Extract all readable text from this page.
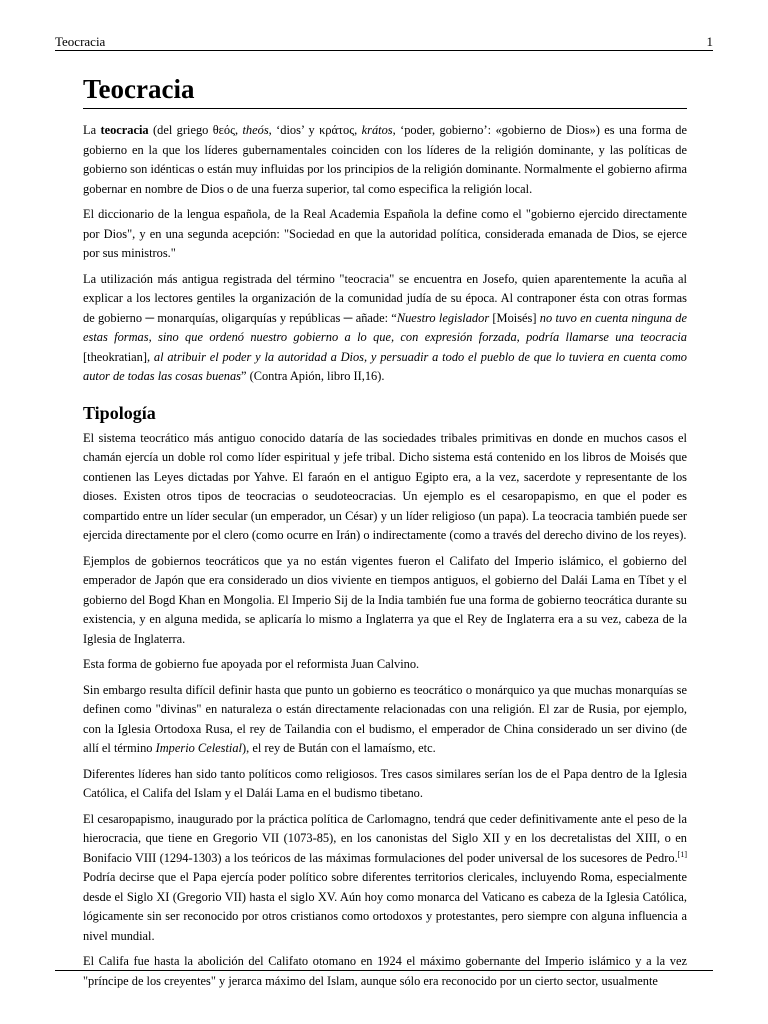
Teocracia	1
Teocracia

La teocracia (del griego θεός, theós, ‘dios’ y κράτος, krátos, ‘poder, gobierno’: «gobierno de Dios») es una forma de gobierno en la que los líderes gubernamentales coinciden con los líderes de la religión dominante, y las políticas de gobierno son idénticas o están muy influidas por los principios de la religión dominante. Normalmente el gobierno afirma gobernar en nombre de Dios o de una fuerza superior, tal como especifica la religión local.

El diccionario de la lengua española, de la Real Academia Española la define como el "gobierno ejercido directamente por Dios", y en una segunda acepción: "Sociedad en que la autoridad política, considerada emanada de Dios, se ejerce por sus ministros."

La utilización más antigua registrada del término "teocracia" se encuentra en Josefo, quien aparentemente la acuña al explicar a los lectores gentiles la organización de la comunidad judía de su época. Al contraponer ésta con otras formas de gobierno ─ monarquías, oligarquías y repúblicas ─ añade: “Nuestro legislador [Moisés] no tuvo en cuenta ninguna de estas formas, sino que ordenó nuestro gobierno a lo que, con expresión forzada, podría llamarse una teocracia [theokratian], al atribuir el poder y la autoridad a Dios, y persuadir a todo el pueblo de que lo tuviera en cuenta como autor de todas las cosas buenas” (Contra Apión, libro II,16).

Tipología

El sistema teocrático más antiguo conocido dataría de las sociedades tribales primitivas en donde en muchos casos el chamán ejercía un doble rol como líder espiritual y jefe tribal. Dicho sistema está contenido en los libros de Moisés que contienen las Leyes dictadas por Yahve. El faraón en el antiguo Egipto era, a la vez, sacerdote y representante de los dioses. Existen otros tipos de teocracias o seudoteocracias. Un ejemplo es el cesaropapismo, en que el poder es compartido entre un líder secular (un emperador, un César) y un líder religioso (un papa). La teocracia también puede ser ejercida directamente por el clero (como ocurre en Irán) o indirectamente (como a través del derecho divino de los reyes).

Ejemplos de gobiernos teocráticos que ya no están vigentes fueron el Califato del Imperio islámico, el gobierno del emperador de Japón que era considerado un dios viviente en tiempos antiguos, el gobierno del Dalái Lama en Tíbet y el gobierno del Bogd Khan en Mongolia. El Imperio Sij de la India también fue una forma de gobierno teocrática durante su existencia, y en alguna medida, se aplicaría lo mismo a Inglaterra ya que el Rey de Inglaterra era a su vez, cabeza de la Iglesia de Inglaterra.

Esta forma de gobierno fue apoyada por el reformista Juan Calvino.

Sin embargo resulta difícil definir hasta que punto un gobierno es teocrático o monárquico ya que muchas monarquías se definen como "divinas" en naturaleza o están directamente relacionadas con una religión. El zar de Rusia, por ejemplo, con la Iglesia Ortodoxa Rusa, el rey de Tailandia con el budismo, el emperador de China considerado un ser divino (de allí el término Imperio Celestial), el rey de Bután con el lamaísmo, etc.

Diferentes líderes han sido tanto políticos como religiosos. Tres casos similares serían los de el Papa dentro de la Iglesia Católica, el Califa del Islam y el Dalái Lama en el budismo tibetano.

El cesaropapismo, inaugurado por la práctica política de Carlomagno, tendrá que ceder definitivamente ante el peso de la hierocracia, que tiene en Gregorio VII (1073-85), en los canonistas del Siglo XII y en los decretalistas del XIII, o en Bonifacio VIII (1294-1303) a los teóricos de las máximas formulaciones del poder universal de los sucesores de Pedro.[1] Podría decirse que el Papa ejercía poder político sobre diferentes territorios clericales, incluyendo Roma, especialmente desde el Siglo XI (Gregorio VII) hasta el siglo XV. Aún hoy como monarca del Vaticano es cabeza de la Iglesia Católica, lógicamente sin ser reconocido por otros cristianos como ortodoxos y protestantes, pero siempre con alguna influencia a nivel mundial.

El Califa fue hasta la abolición del Califato otomano en 1924 el máximo gobernante del Imperio islámico y a la vez "príncipe de los creyentes" y jerarca máximo del Islam, aunque sólo era reconocido por un cierto sector, usualmente
